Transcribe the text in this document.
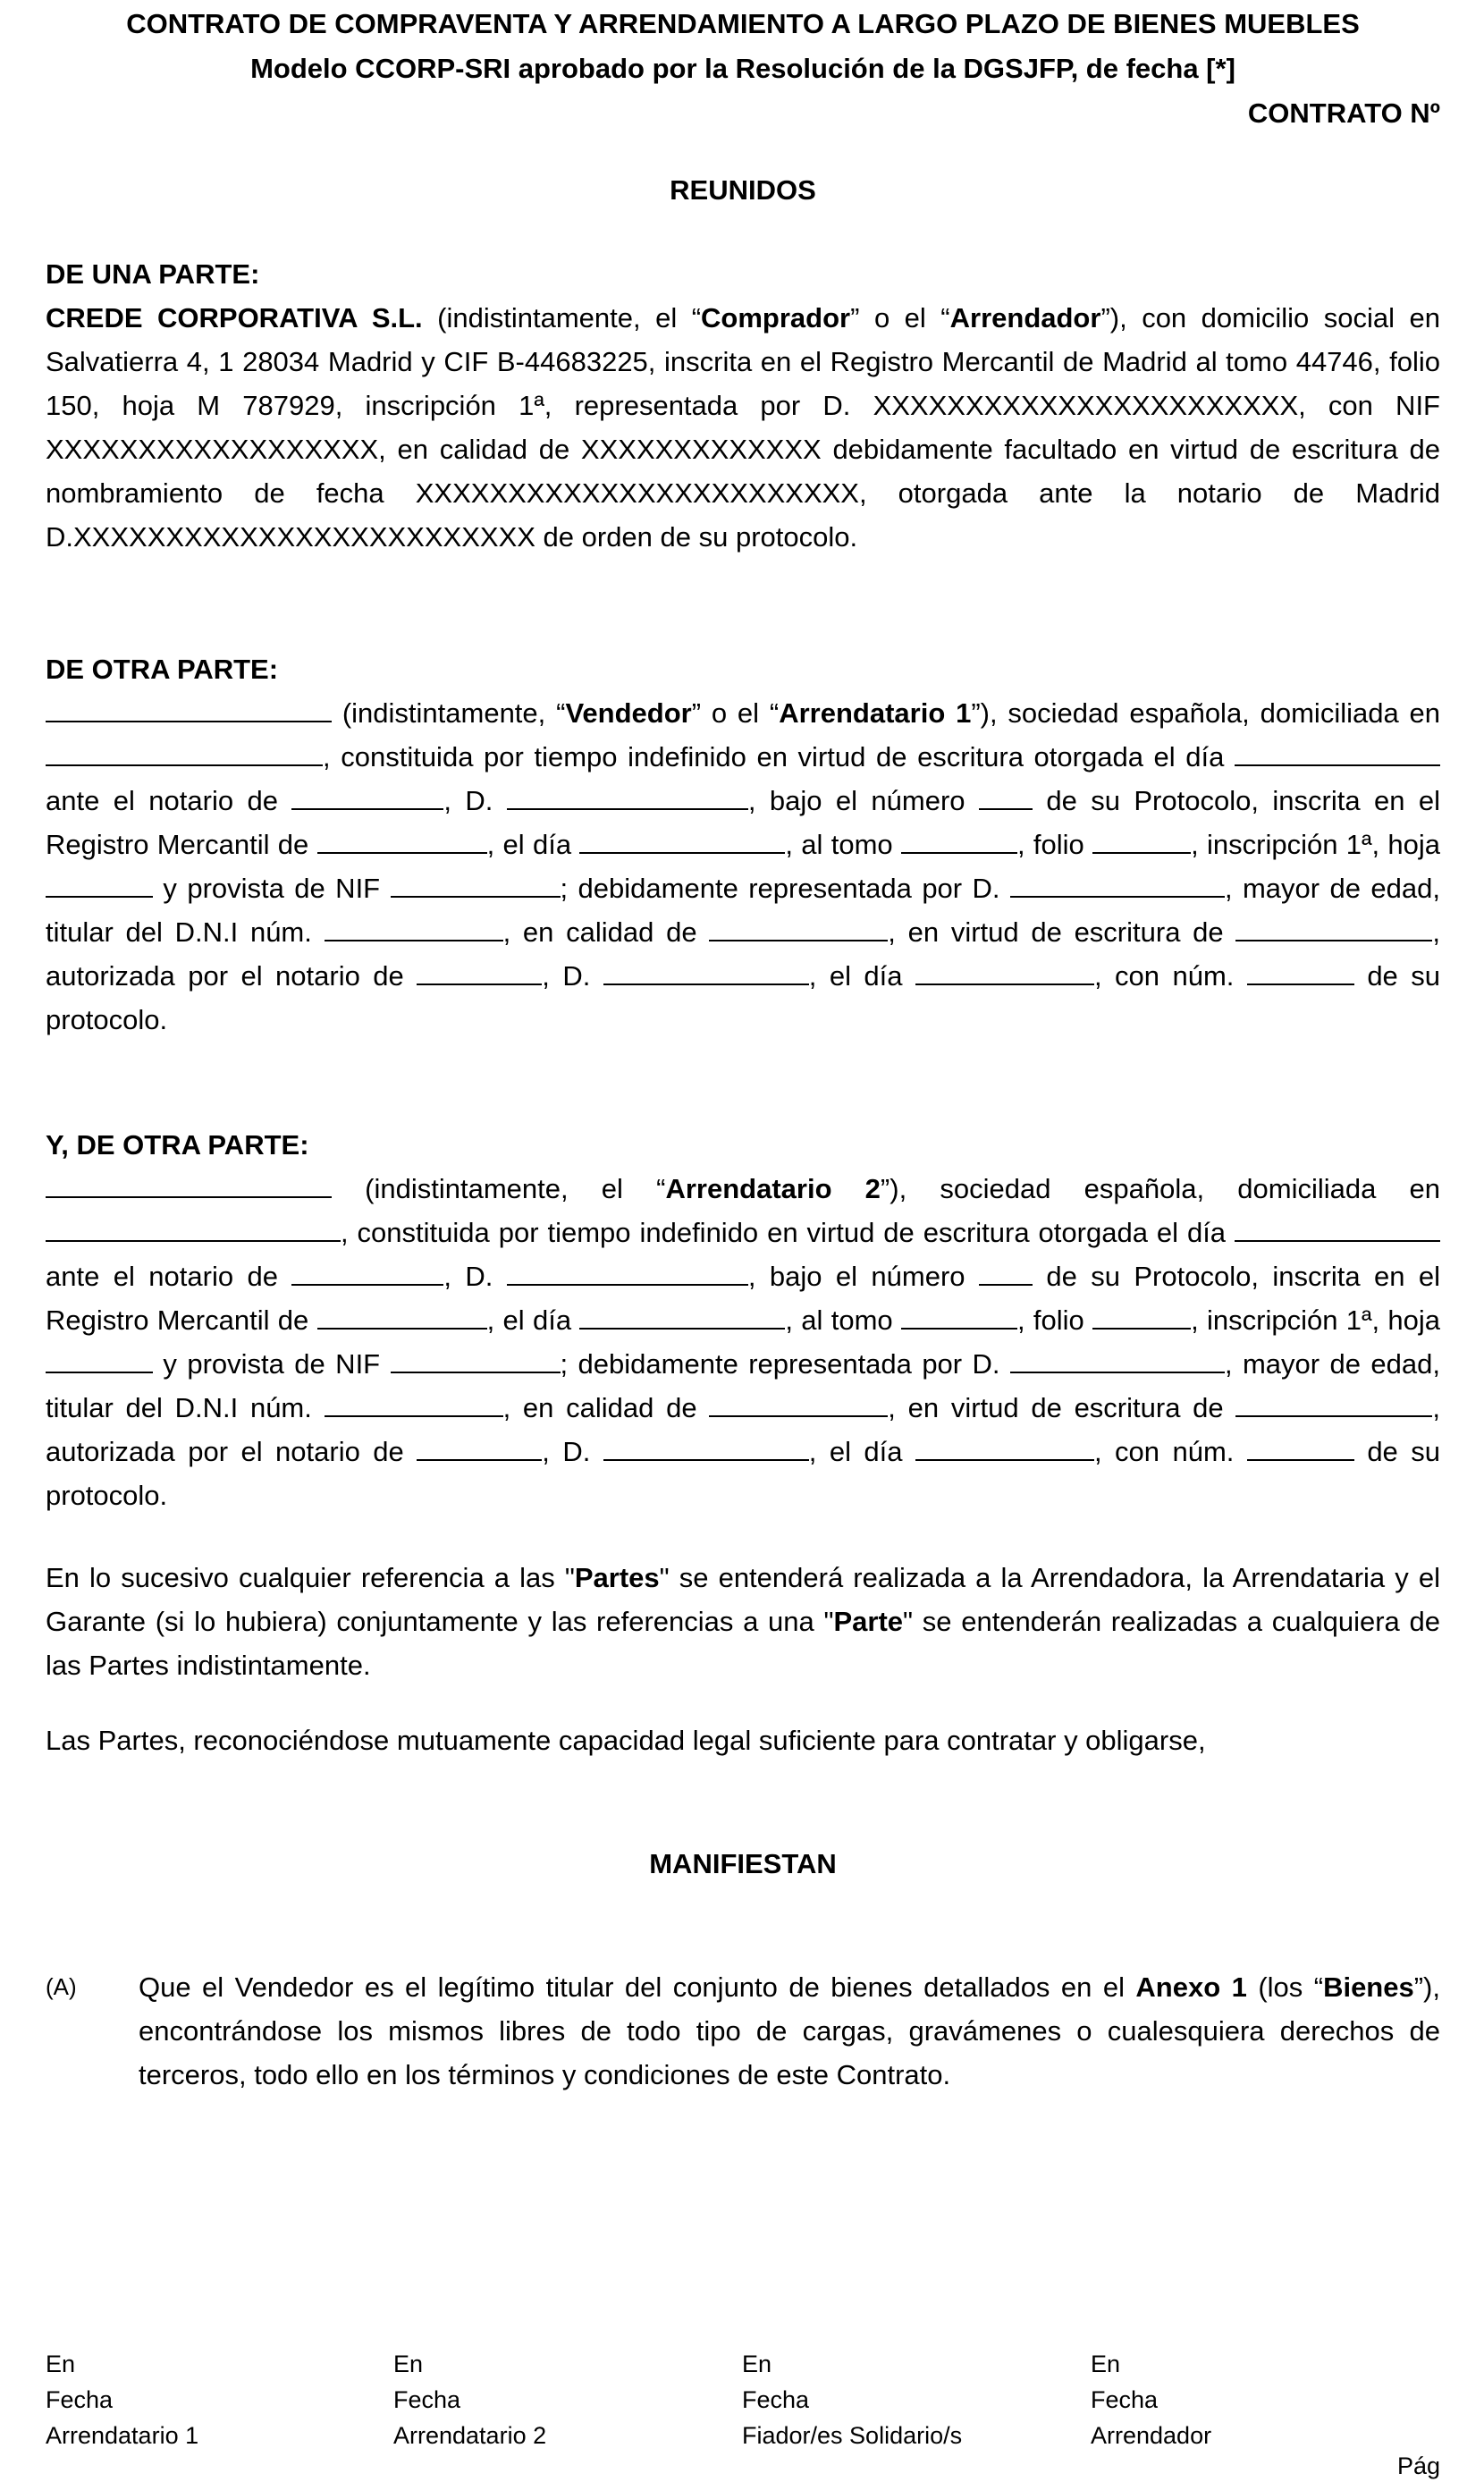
CONTRATO DE COMPRAVENTA Y ARRENDAMIENTO A LARGO PLAZO DE BIENES MUEBLES
Modelo CCORP-SRI aprobado por la Resolución de la DGSJFP, de fecha [*]
CONTRATO Nº
REUNIDOS

DE UNA PARTE:

CREDE CORPORATIVA S.L. (indistintamente, el “Comprador” o el “Arrendador”), con domicilio social en Salvatierra 4, 1 28034 Madrid y CIF B-44683225, inscrita en el Registro Mercantil de Madrid al tomo 44746, folio 150, hoja M 787929, inscripción 1ª, representada por D. XXXXXXXXXXXXXXXXXXXXXXX, con NIF XXXXXXXXXXXXXXXXXX, en calidad de XXXXXXXXXXXXX debidamente facultado en virtud de escritura de nombramiento de fecha XXXXXXXXXXXXXXXXXXXXXXXX, otorgada ante la notario de Madrid D.XXXXXXXXXXXXXXXXXXXXXXXXX de orden de su protocolo.

DE OTRA PARTE:

(indistintamente, “Vendedor” o el “Arrendatario 1”), sociedad española, domiciliada en , constituida por tiempo indefinido en virtud de escritura otorgada el día  ante el notario de	, D.	, bajo el número  de su Protocolo, inscrita en el Registro Mercantil de	, el día	, al tomo	, folio	, inscripción 1ª, hoja  y provista de NIF	; debidamente representada por D.	, mayor de edad, titular del D.N.I núm.	, en calidad de	, en virtud de escritura de	, autorizada por el notario de	, D.	, el día	, con núm.	de su protocolo.

Y, DE OTRA PARTE:

(indistintamente, el “Arrendatario 2”), sociedad española, domiciliada en , constituida por tiempo indefinido en virtud de escritura otorgada el día  ante el notario de	, D.	, bajo el número  de su Protocolo, inscrita en el Registro Mercantil de	, el día	, al tomo	, folio	, inscripción 1ª, hoja  y provista de NIF	; debidamente representada por D.	, mayor de edad, titular del D.N.I núm.	, en calidad de	, en virtud de escritura de	, autorizada por el notario de	, D.	, el día	, con núm.	de su protocolo.

En lo sucesivo cualquier referencia a las "Partes" se entenderá realizada a la Arrendadora, la Arrendataria y el Garante (si lo hubiera) conjuntamente y las referencias a una "Parte" se entenderán realizadas a cualquiera de las Partes indistintamente.

Las Partes, reconociéndose mutuamente capacidad legal suficiente para contratar y obligarse,

MANIFIESTAN
(A) Que el Vendedor es el legítimo titular del conjunto de bienes detallados en el Anexo 1 (los “Bienes”), encontrándose los mismos libres de todo tipo de cargas, gravámenes o cualesquiera derechos de terceros, todo ello en los términos y condiciones de este Contrato.

En
Fecha
Arrendatario 1
En
Fecha
Arrendatario 2
En
Fecha
Fiador/es Solidario/s
En
Fecha
Arrendador
Pág
